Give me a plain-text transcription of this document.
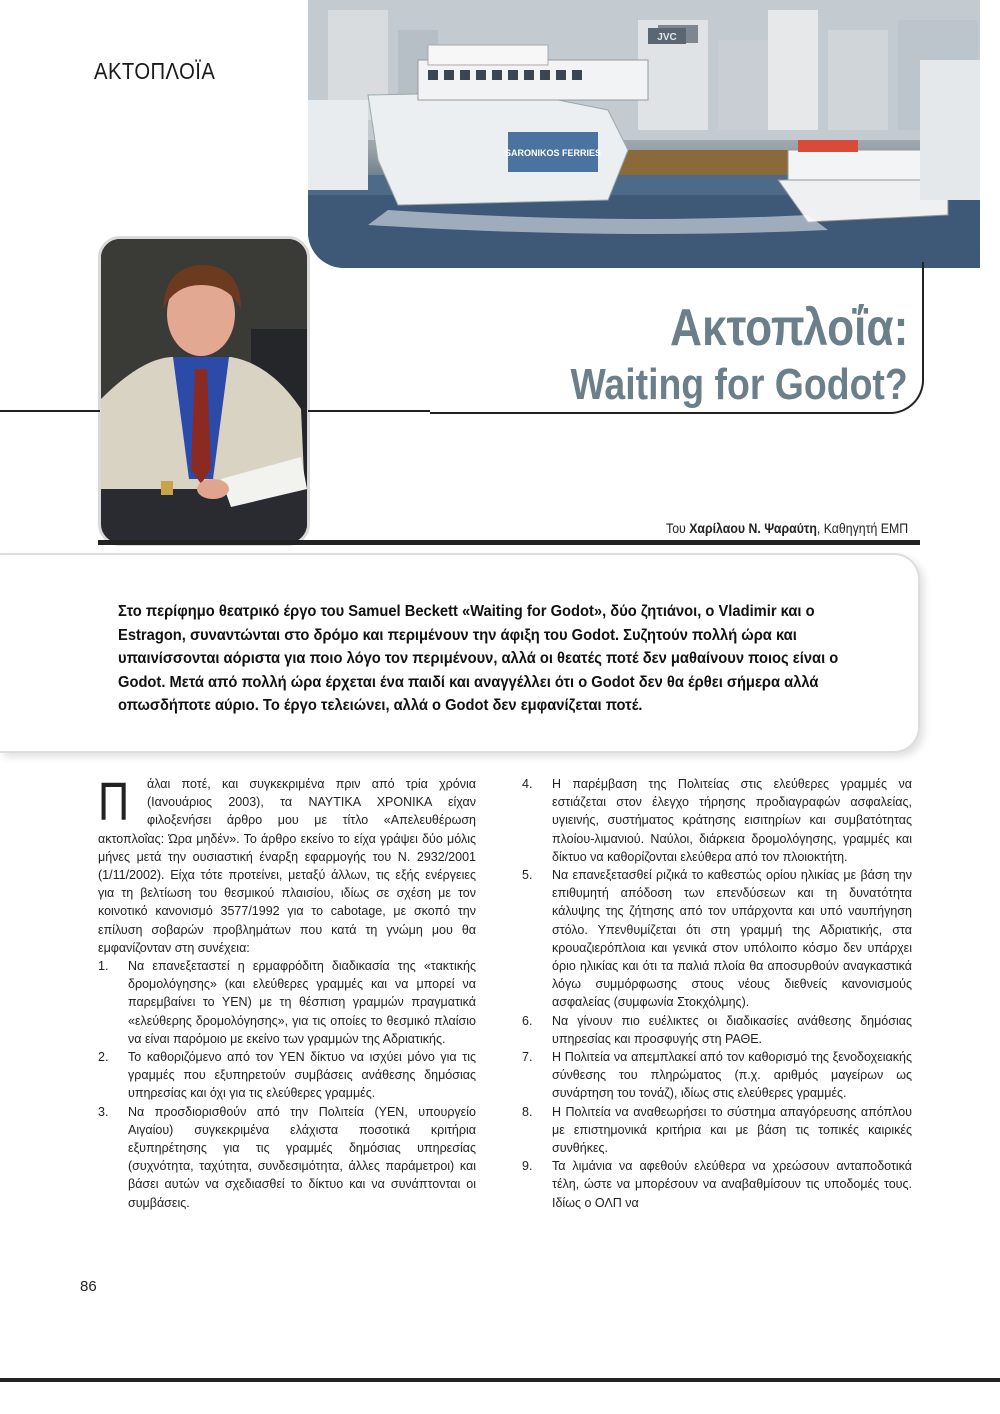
ΑΚΤΟΠΛΟΪΑ
SARONIKOS FERRIES
JVC
Ακτοπλοΐα:
Waiting for Godot?
Του Χαρίλαου Ν. Ψαραύτη, Καθηγητή ΕΜΠ
Στο περίφημο θεατρικό έργο του Samuel Beckett «Waiting for Godot», δύο ζητιάνοι, ο Vladimir και ο Estragon, συναντώνται στο δρόμο και περιμένουν την άφιξη του Godot. Συζητούν πολλή ώρα και υπαινίσσονται αόριστα για ποιο λόγο τον περιμένουν, αλλά οι θεατές ποτέ δεν μαθαίνουν ποιος είναι ο Godot. Μετά από πολλή ώρα έρχεται ένα παιδί και αναγγέλλει ότι ο Godot δεν θα έρθει σήμερα αλλά οπωσδήποτε αύριο. Το έργο τελειώνει, αλλά ο Godot δεν εμφανίζεται ποτέ.

Π άλαι ποτέ, και συγκεκριμένα πριν από τρία χρόνια (Ιανουάριος 2003), τα ΝΑΥΤΙΚΑ ΧΡΟΝΙΚΑ είχαν φιλοξενήσει άρθρο μου με τίτλο «Απελευθέρωση ακτοπλοΐας: Ώρα μηδέν». Το άρθρο εκείνο το είχα γράψει δύο μόλις μήνες μετά την ουσιαστική έναρξη εφαρμογής του Ν. 2932/2001 (1/11/2002). Είχα τότε προτείνει, μεταξύ άλλων, τις εξής ενέργειες για τη βελτίωση του θεσμικού πλαισίου, ιδίως σε σχέση με τον κοινοτικό κανονισμό 3577/1992 για το cabotage, με σκοπό την επίλυση σοβαρών προβλημάτων που κατά τη γνώμη μου θα εμφανίζονταν στη συνέχεια:

1. Να επανεξεταστεί η ερμαφρόδιτη διαδικασία της «τακτικής δρομολόγησης» (και ελεύθερες γραμμές και να μπορεί να παρεμβαίνει το ΥΕΝ) με τη θέσπιση γραμμών πραγματικά «ελεύθερης δρομολόγησης», για τις οποίες το θεσμικό πλαίσιο να είναι παρόμοιο με εκείνο των γραμμών της Αδριατικής.
2. Το καθοριζόμενο από τον ΥΕΝ δίκτυο να ισχύει μόνο για τις γραμμές που εξυπηρετούν συμβάσεις ανάθεσης δημόσιας υπηρεσίας και όχι για τις ελεύθερες γραμμές.
3. Να προσδιορισθούν από την Πολιτεία (ΥΕΝ, υπουργείο Αιγαίου) συγκεκριμένα ελάχιστα ποσοτικά κριτήρια εξυπηρέτησης για τις γραμμές δημόσιας υπηρεσίας (συχνότητα, ταχύτητα, συνδεσιμότητα, άλλες παράμετροι) και βάσει αυτών να σχεδιασθεί το δίκτυο και να συνάπτονται οι συμβάσεις.
4. Η παρέμβαση της Πολιτείας στις ελεύθερες γραμμές να εστιάζεται στον έλεγχο τήρησης προδιαγραφών ασφαλείας, υγιεινής, συστήματος κράτησης εισιτηρίων και συμβατότητας πλοίου-λιμανιού. Ναύλοι, διάρκεια δρομολόγησης, γραμμές και δίκτυο να καθορίζονται ελεύθερα από τον πλοιοκτήτη.
5. Να επανεξετασθεί ριζικά το καθεστώς ορίου ηλικίας με βάση την επιθυμητή απόδοση των επενδύσεων και τη δυνατότητα κάλυψης της ζήτησης από τον υπάρχοντα και υπό ναυπήγηση στόλο. Υπενθυμίζεται ότι στη γραμμή της Αδριατικής, στα κρουαζιερόπλοια και γενικά στον υπόλοιπο κόσμο δεν υπάρχει όριο ηλικίας και ότι τα παλιά πλοία θα αποσυρθούν αναγκαστικά λόγω συμμόρφωσης στους νέους διεθνείς κανονισμούς ασφαλείας (συμφωνία Στοκχόλμης).
6. Να γίνουν πιο ευέλικτες οι διαδικασίες ανάθεσης δημόσιας υπηρεσίας και προσφυγής στη ΡΑΘΕ.
7. Η Πολιτεία να απεμπλακεί από τον καθορισμό της ξενοδοχειακής σύνθεσης του πληρώματος (π.χ. αριθμός μαγείρων ως συνάρτηση του τονάζ), ιδίως στις ελεύθερες γραμμές.
8. Η Πολιτεία να αναθεωρήσει το σύστημα απαγόρευσης απόπλου με επιστημονικά κριτήρια και με βάση τις τοπικές καιρικές συνθήκες.
9. Τα λιμάνια να αφεθούν ελεύθερα να χρεώσουν ανταποδοτικά τέλη, ώστε να μπορέσουν να αναβαθμίσουν τις υποδομές τους. Ιδίως ο ΟΛΠ να
86
